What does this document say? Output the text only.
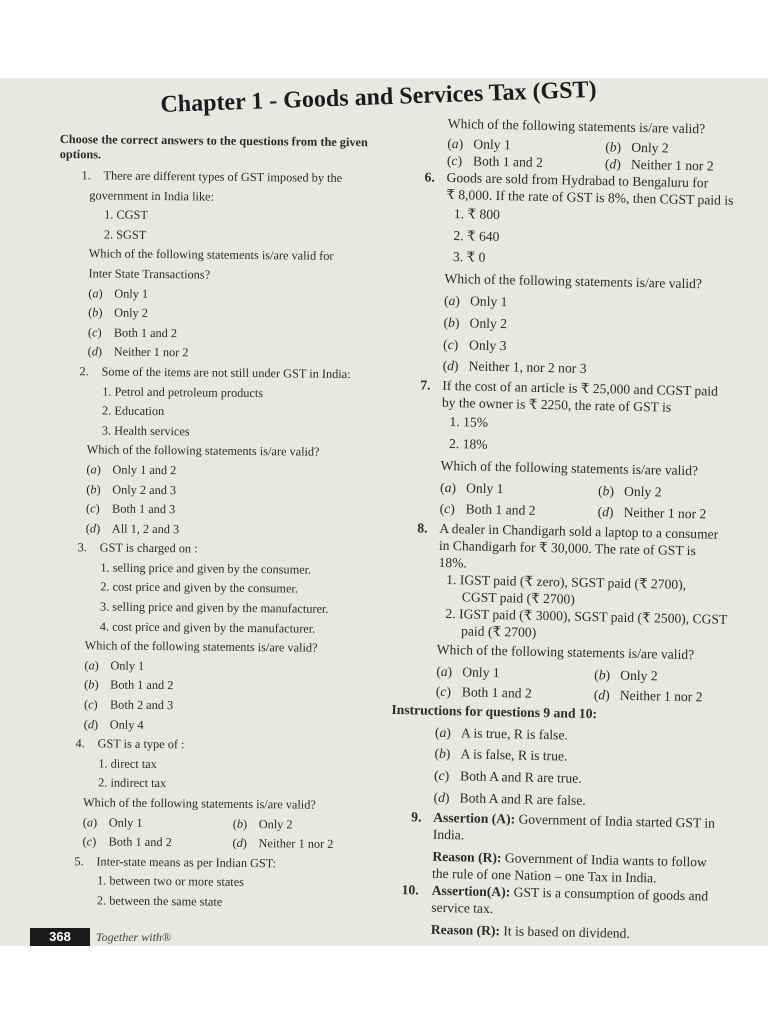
Chapter 1 - Goods and Services Tax (GST)
Choose the correct answers to the questions from the given
options.
1. There are different types of GST imposed by the
government in India like:
1. CGST
2. SGST
Which of the following statements is/are valid for
Inter State Transactions?
(a) Only 1
(b) Only 2
(c) Both 1 and 2
(d) Neither 1 nor 2
2. Some of the items are not still under GST in India:
1. Petrol and petroleum products
2. Education
3. Health services
Which of the following statements is/are valid?
(a) Only 1 and 2
(b) Only 2 and 3
(c) Both 1 and 3
(d) All 1, 2 and 3
3. GST is charged on :
1. selling price and given by the consumer.
2. cost price and given by the consumer.
3. selling price and given by the manufacturer.
4. cost price and given by the manufacturer.
Which of the following statements is/are valid?
(a) Only 1
(b) Both 1 and 2
(c) Both 2 and 3
(d) Only 4
4. GST is a type of :
1. direct tax
2. indirect tax
Which of the following statements is/are valid?
(a) Only 1	(b) Only 2
(c) Both 1 and 2	(d) Neither 1 nor 2
5. Inter-state means as per Indian GST:
1. between two or more states
2. between the same state
Which of the following statements is/are valid?
(a) Only 1	(b) Only 2
(c) Both 1 and 2	(d) Neither 1 nor 2
6. Goods are sold from Hydrabad to Bengaluru for
₹ 8,000. If the rate of GST is 8%, then CGST paid is
1. ₹ 800
2. ₹ 640
3. ₹ 0
Which of the following statements is/are valid?
(a) Only 1
(b) Only 2
(c) Only 3
(d) Neither 1, nor 2 nor 3
7. If the cost of an article is ₹ 25,000 and CGST paid
by the owner is ₹ 2250, the rate of GST is
1. 15%
2. 18%
Which of the following statements is/are valid?
(a) Only 1	(b) Only 2
(c) Both 1 and 2	(d) Neither 1 nor 2
8. A dealer in Chandigarh sold a laptop to a consumer
in Chandigarh for ₹ 30,000. The rate of GST is
18%.
1. IGST paid (₹ zero), SGST paid (₹ 2700),
CGST paid (₹ 2700)
2. IGST paid (₹ 3000), SGST paid (₹ 2500), CGST
paid (₹ 2700)
Which of the following statements is/are valid?
(a) Only 1	(b) Only 2
(c) Both 1 and 2	(d) Neither 1 nor 2
Instructions for questions 9 and 10:
(a) A is true, R is false.
(b) A is false, R is true.
(c) Both A and R are true.
(d) Both A and R are false.
9. Assertion (A): Government of India started GST in
India.
Reason (R): Government of India wants to follow
the rule of one Nation – one Tax in India.
10. Assertion(A): GST is a consumption of goods and
service tax.
Reason (R): It is based on dividend.
368	Together with®
